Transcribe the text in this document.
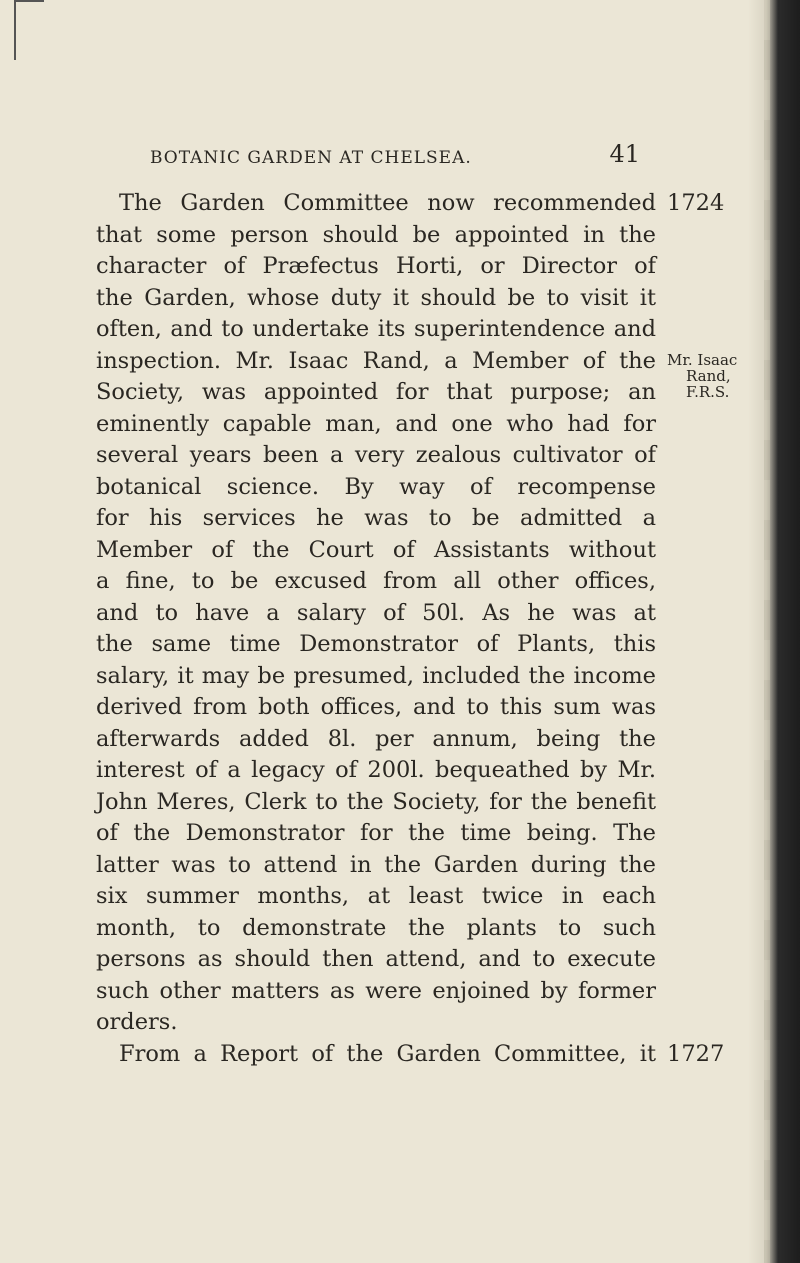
BOTANIC GARDEN AT CHELSEA.	41
The Garden Committee now recommended
that some person should be appointed in the
character of Præfectus Horti, or Director of
the Garden, whose duty it should be to visit it
often, and to undertake its superintendence and
inspection. Mr. Isaac Rand, a Member of the
Society, was appointed for that purpose; an
eminently capable man, and one who had for
several years been a very zealous cultivator of
botanical science. By way of recompense
for his services he was to be admitted a
Member of the Court of Assistants without
a fine, to be excused from all other offices,
and to have a salary of 50l. As he was at
the same time Demonstrator of Plants, this
salary, it may be presumed, included the income
derived from both offices, and to this sum was
afterwards added 8l. per annum, being the
interest of a legacy of 200l. bequeathed by Mr.
John Meres, Clerk to the Society, for the benefit
of the Demonstrator for the time being. The
latter was to attend in the Garden during the
six summer months, at least twice in each
month, to demonstrate the plants to such
persons as should then attend, and to execute
such other matters as were enjoined by former
orders.
From a Report of the Garden Committee, it
1724
Mr. Isaac
Rand,
F.R.S.
1727
